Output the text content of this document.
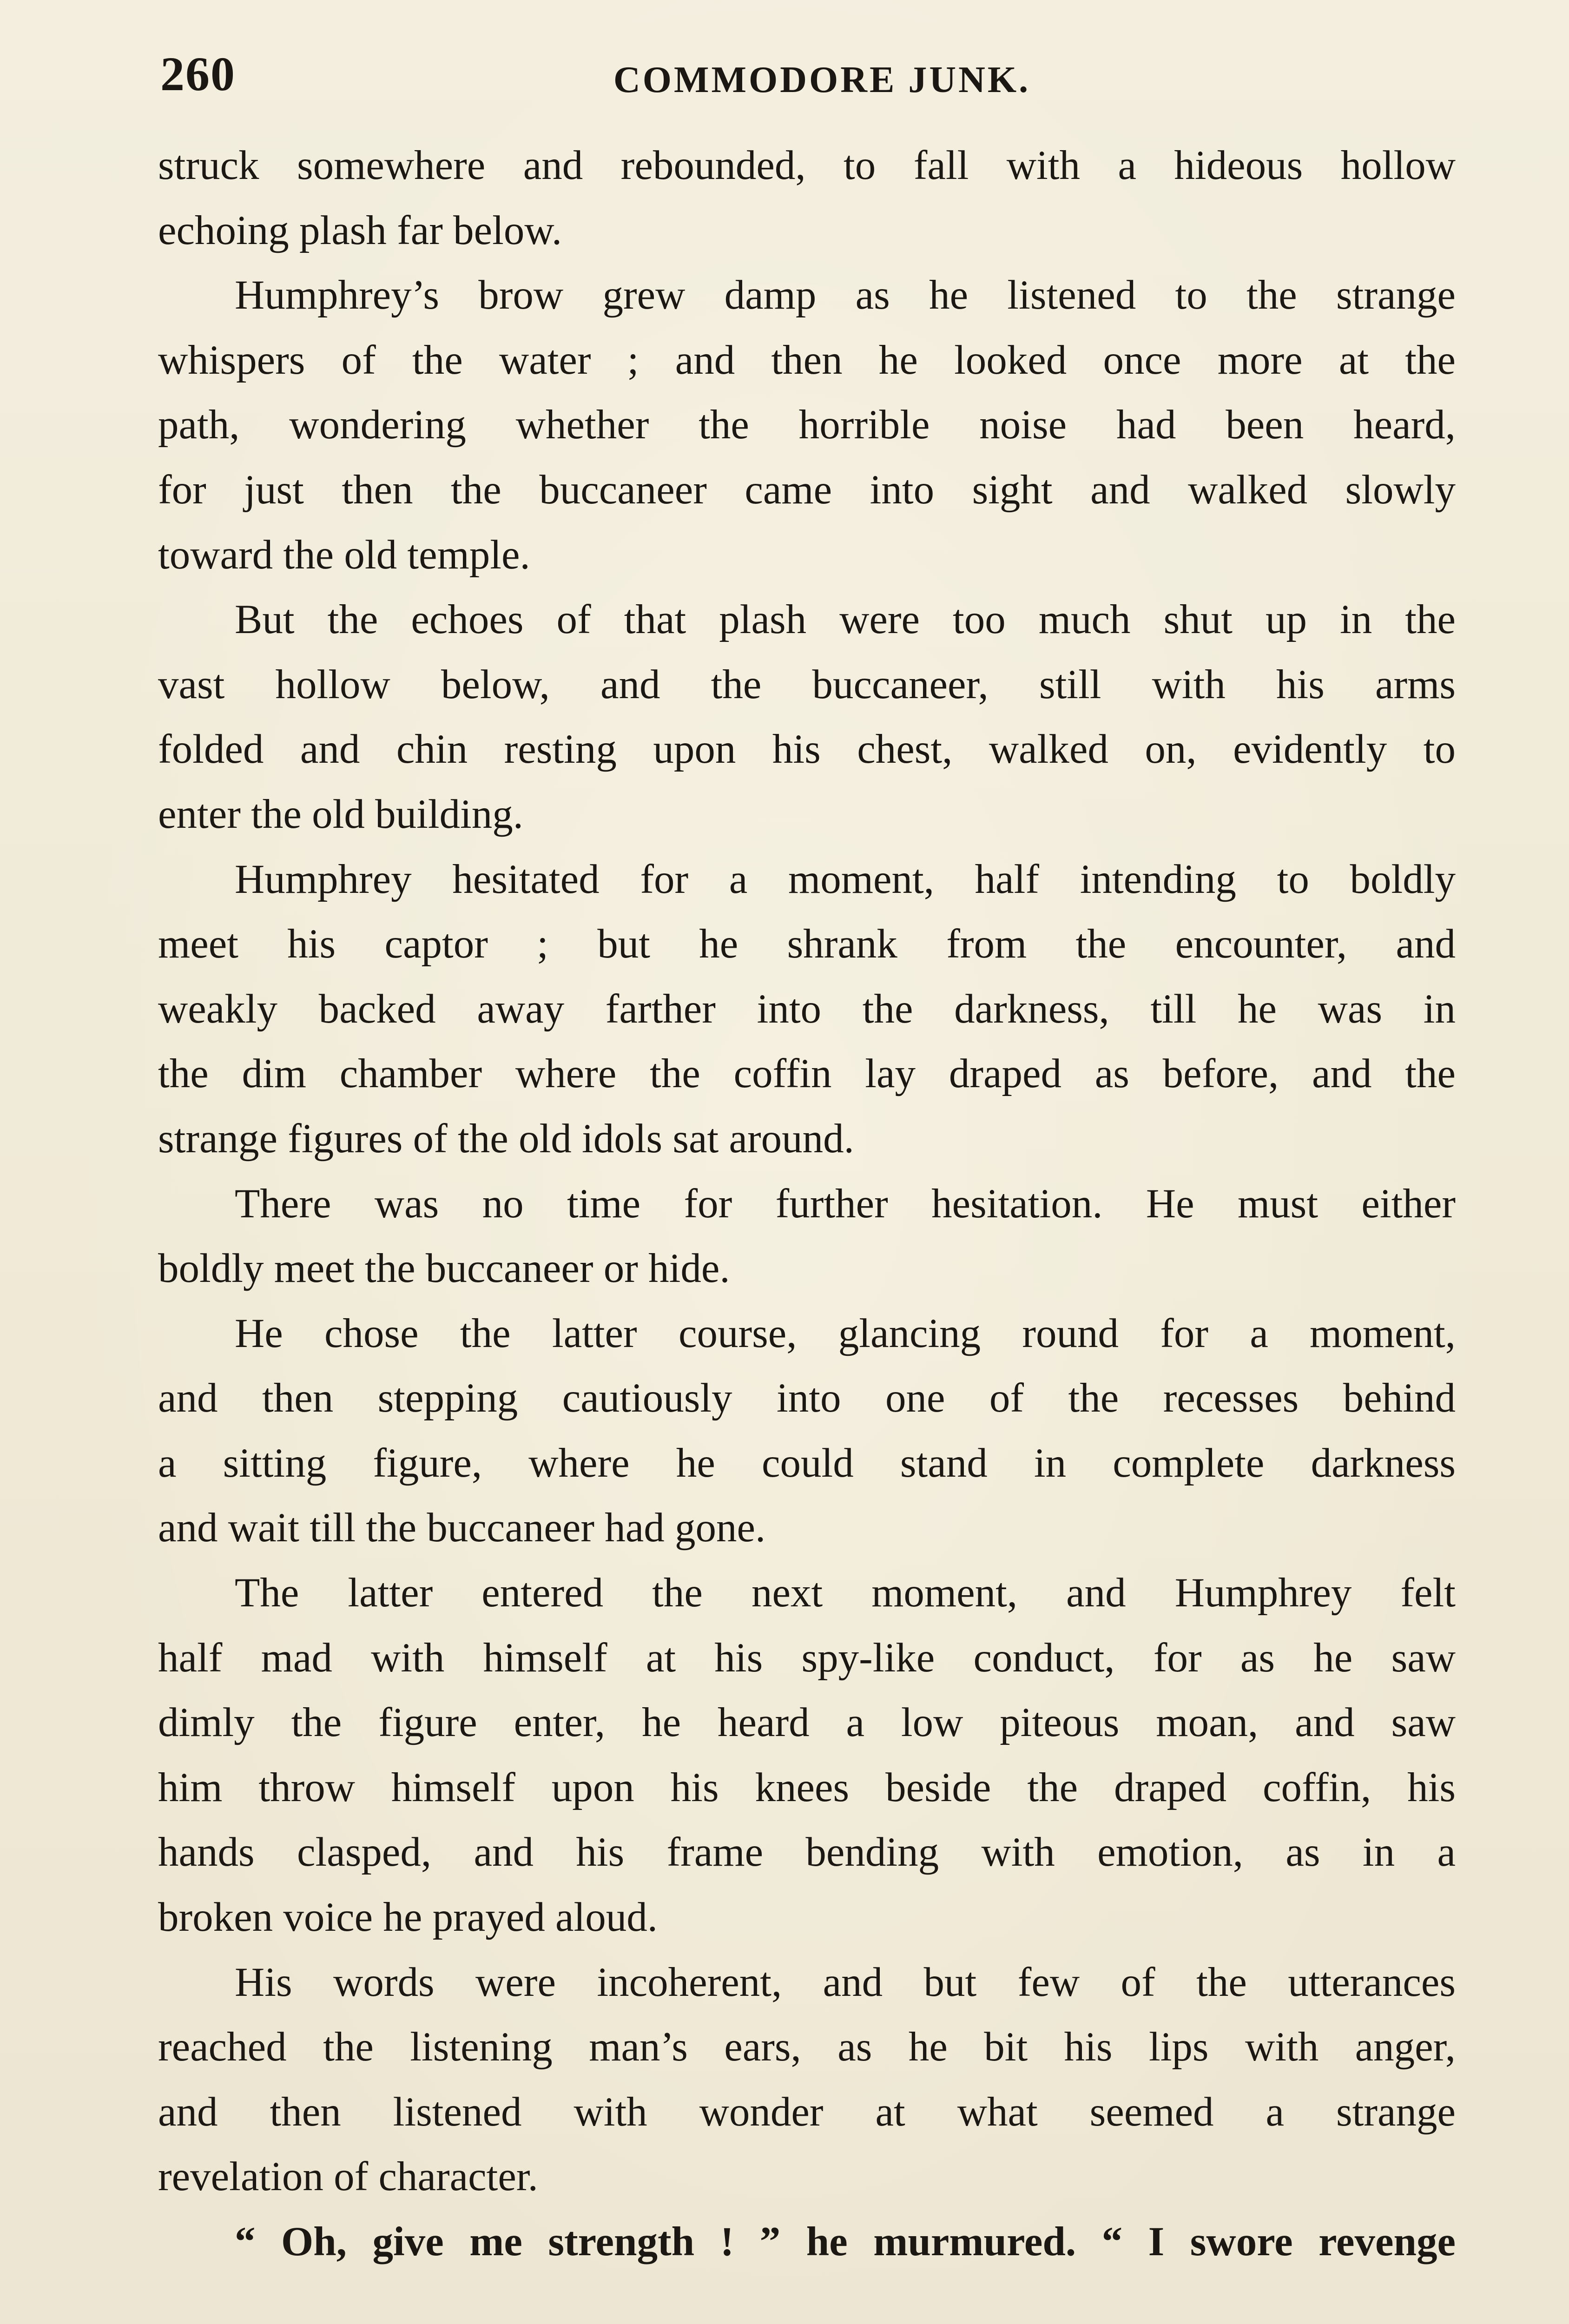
260	COMMODORE JUNK.
struck somewhere and rebounded, to fall with a hideous hollow
echoing plash far below.
Humphrey’s brow grew damp as he listened to the strange
whispers of the water ; and then he looked once more at the
path, wondering whether the horrible noise had been heard,
for just then the buccaneer came into sight and walked slowly
toward the old temple.
But the echoes of that plash were too much shut up in the
vast hollow below, and the buccaneer, still with his arms
folded and chin resting upon his chest, walked on, evidently to
enter the old building.
Humphrey hesitated for a moment, half intending to boldly
meet his captor ; but he shrank from the encounter, and
weakly backed away farther into the darkness, till he was in
the dim chamber where the coffin lay draped as before, and the
strange figures of the old idols sat around.
There was no time for further hesitation. He must either
boldly meet the buccaneer or hide.
He chose the latter course, glancing round for a moment,
and then stepping cautiously into one of the recesses behind
a sitting figure, where he could stand in complete darkness
and wait till the buccaneer had gone.
The latter entered the next moment, and Humphrey felt
half mad with himself at his spy-like conduct, for as he saw
dimly the figure enter, he heard a low piteous moan, and saw
him throw himself upon his knees beside the draped coffin, his
hands clasped, and his frame bending with emotion, as in a
broken voice he prayed aloud.
His words were incoherent, and but few of the utterances
reached the listening man’s ears, as he bit his lips with anger,
and then listened with wonder at what seemed a strange
revelation of character.
“ Oh, give me strength ! ” he murmured. “ I swore revenge
